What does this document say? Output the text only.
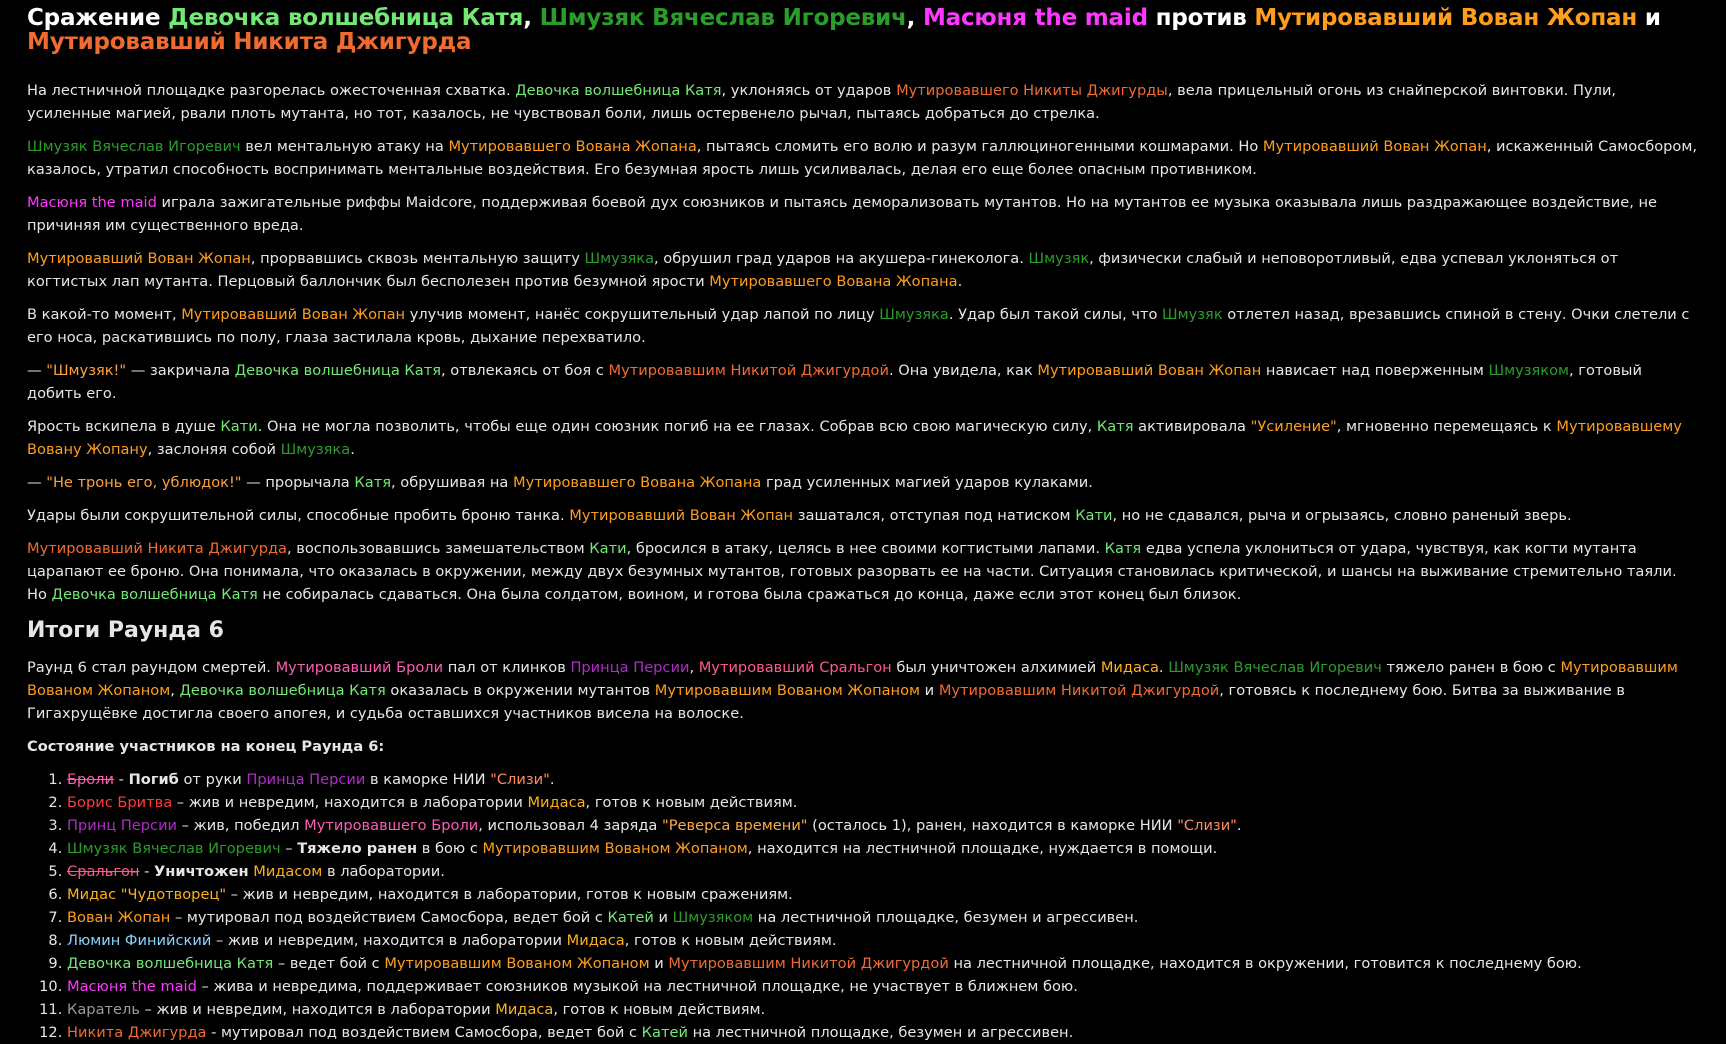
Сражение Девочка волшебница Катя, Шмузяк Вячеслав Игоревич, Масюня the maid против Мутировавший Вован Жопан и Мутировавший Никита Джигурда

На лестничной площадке разгорелась ожесточенная схватка. Девочка волшебница Катя, уклоняясь от ударов Мутировавшего Никиты Джигурды, вела прицельный огонь из снайперской винтовки. Пули, усиленные магией, рвали плоть мутанта, но тот, казалось, не чувствовал боли, лишь остервенело рычал, пытаясь добраться до стрелка.

Шмузяк Вячеслав Игоревич вел ментальную атаку на Мутировавшего Вована Жопана, пытаясь сломить его волю и разум галлюциногенными кошмарами. Но Мутировавший Вован Жопан, искаженный Самосбором, казалось, утратил способность воспринимать ментальные воздействия. Его безумная ярость лишь усиливалась, делая его еще более опасным противником.

Масюня the maid играла зажигательные риффы Maidcore, поддерживая боевой дух союзников и пытаясь деморализовать мутантов. Но на мутантов ее музыка оказывала лишь раздражающее воздействие, не причиняя им существенного вреда.

Мутировавший Вован Жопан, прорвавшись сквозь ментальную защиту Шмузяка, обрушил град ударов на акушера-гинеколога. Шмузяк, физически слабый и неповоротливый, едва успевал уклоняться от когтистых лап мутанта. Перцовый баллончик был бесполезен против безумной ярости Мутировавшего Вована Жопана.

В какой-то момент, Мутировавший Вован Жопан улучив момент, нанёс сокрушительный удар лапой по лицу Шмузяка. Удар был такой силы, что Шмузяк отлетел назад, врезавшись спиной в стену. Очки слетели с его носа, раскатившись по полу, глаза застилала кровь, дыхание перехватило.

— "Шмузяк!" — закричала Девочка волшебница Катя, отвлекаясь от боя с Мутировавшим Никитой Джигурдой. Она увидела, как Мутировавший Вован Жопан нависает над поверженным Шмузяком, готовый добить его.

Ярость вскипела в душе Кати. Она не могла позволить, чтобы еще один союзник погиб на ее глазах. Собрав всю свою магическую силу, Катя активировала "Усиление", мгновенно перемещаясь к Мутировавшему Вовану Жопану, заслоняя собой Шмузяка.

— "Не тронь его, ублюдок!" — прорычала Катя, обрушивая на Мутировавшего Вована Жопана град усиленных магией ударов кулаками.

Удары были сокрушительной силы, способные пробить броню танка. Мутировавший Вован Жопан зашатался, отступая под натиском Кати, но не сдавался, рыча и огрызаясь, словно раненый зверь.

Мутировавший Никита Джигурда, воспользовавшись замешательством Кати, бросился в атаку, целясь в нее своими когтистыми лапами. Катя едва успела уклониться от удара, чувствуя, как когти мутанта царапают ее броню. Она понимала, что оказалась в окружении, между двух безумных мутантов, готовых разорвать ее на части. Ситуация становилась критической, и шансы на выживание стремительно таяли. Но Девочка волшебница Катя не собиралась сдаваться. Она была солдатом, воином, и готова была сражаться до конца, даже если этот конец был близок.

Итоги Раунда 6

Раунд 6 стал раундом смертей. Мутировавший Броли пал от клинков Принца Персии, Мутировавший Сральгон был уничтожен алхимией Мидаса. Шмузяк Вячеслав Игоревич тяжело ранен в бою с Мутировавшим Вованом Жопаном, Девочка волшебница Катя оказалась в окружении мутантов Мутировавшим Вованом Жопаном и Мутировавшим Никитой Джигурдой, готовясь к последнему бою. Битва за выживание в Гигахрущёвке достигла своего апогея, и судьба оставшихся участников висела на волоске.

Состояние участников на конец Раунда 6:

1. Броли - Погиб от руки Принца Персии в каморке НИИ "Слизи".
2. Борис Бритва – жив и невредим, находится в лаборатории Мидаса, готов к новым действиям.
3. Принц Персии – жив, победил Мутировавшего Броли, использовал 4 заряда "Реверса времени" (осталось 1), ранен, находится в каморке НИИ "Слизи".
4. Шмузяк Вячеслав Игоревич – Тяжело ранен в бою с Мутировавшим Вованом Жопаном, находится на лестничной площадке, нуждается в помощи.
5. Сральгон - Уничтожен Мидасом в лаборатории.
6. Мидас "Чудотворец" – жив и невредим, находится в лаборатории, готов к новым сражениям.
7. Вован Жопан – мутировал под воздействием Самосбора, ведет бой с Катей и Шмузяком на лестничной площадке, безумен и агрессивен.
8. Люмин Финийский – жив и невредим, находится в лаборатории Мидаса, готов к новым действиям.
9. Девочка волшебница Катя – ведет бой с Мутировавшим Вованом Жопаном и Мутировавшим Никитой Джигурдой на лестничной площадке, находится в окружении, готовится к последнему бою.
10. Масюня the maid – жива и невредима, поддерживает союзников музыкой на лестничной площадке, не участвует в ближнем бою.
11. Каратель – жив и невредим, находится в лаборатории Мидаса, готов к новым действиям.
12. Никита Джигурда - мутировал под воздействием Самосбора, ведет бой с Катей на лестничной площадке, безумен и агрессивен.
